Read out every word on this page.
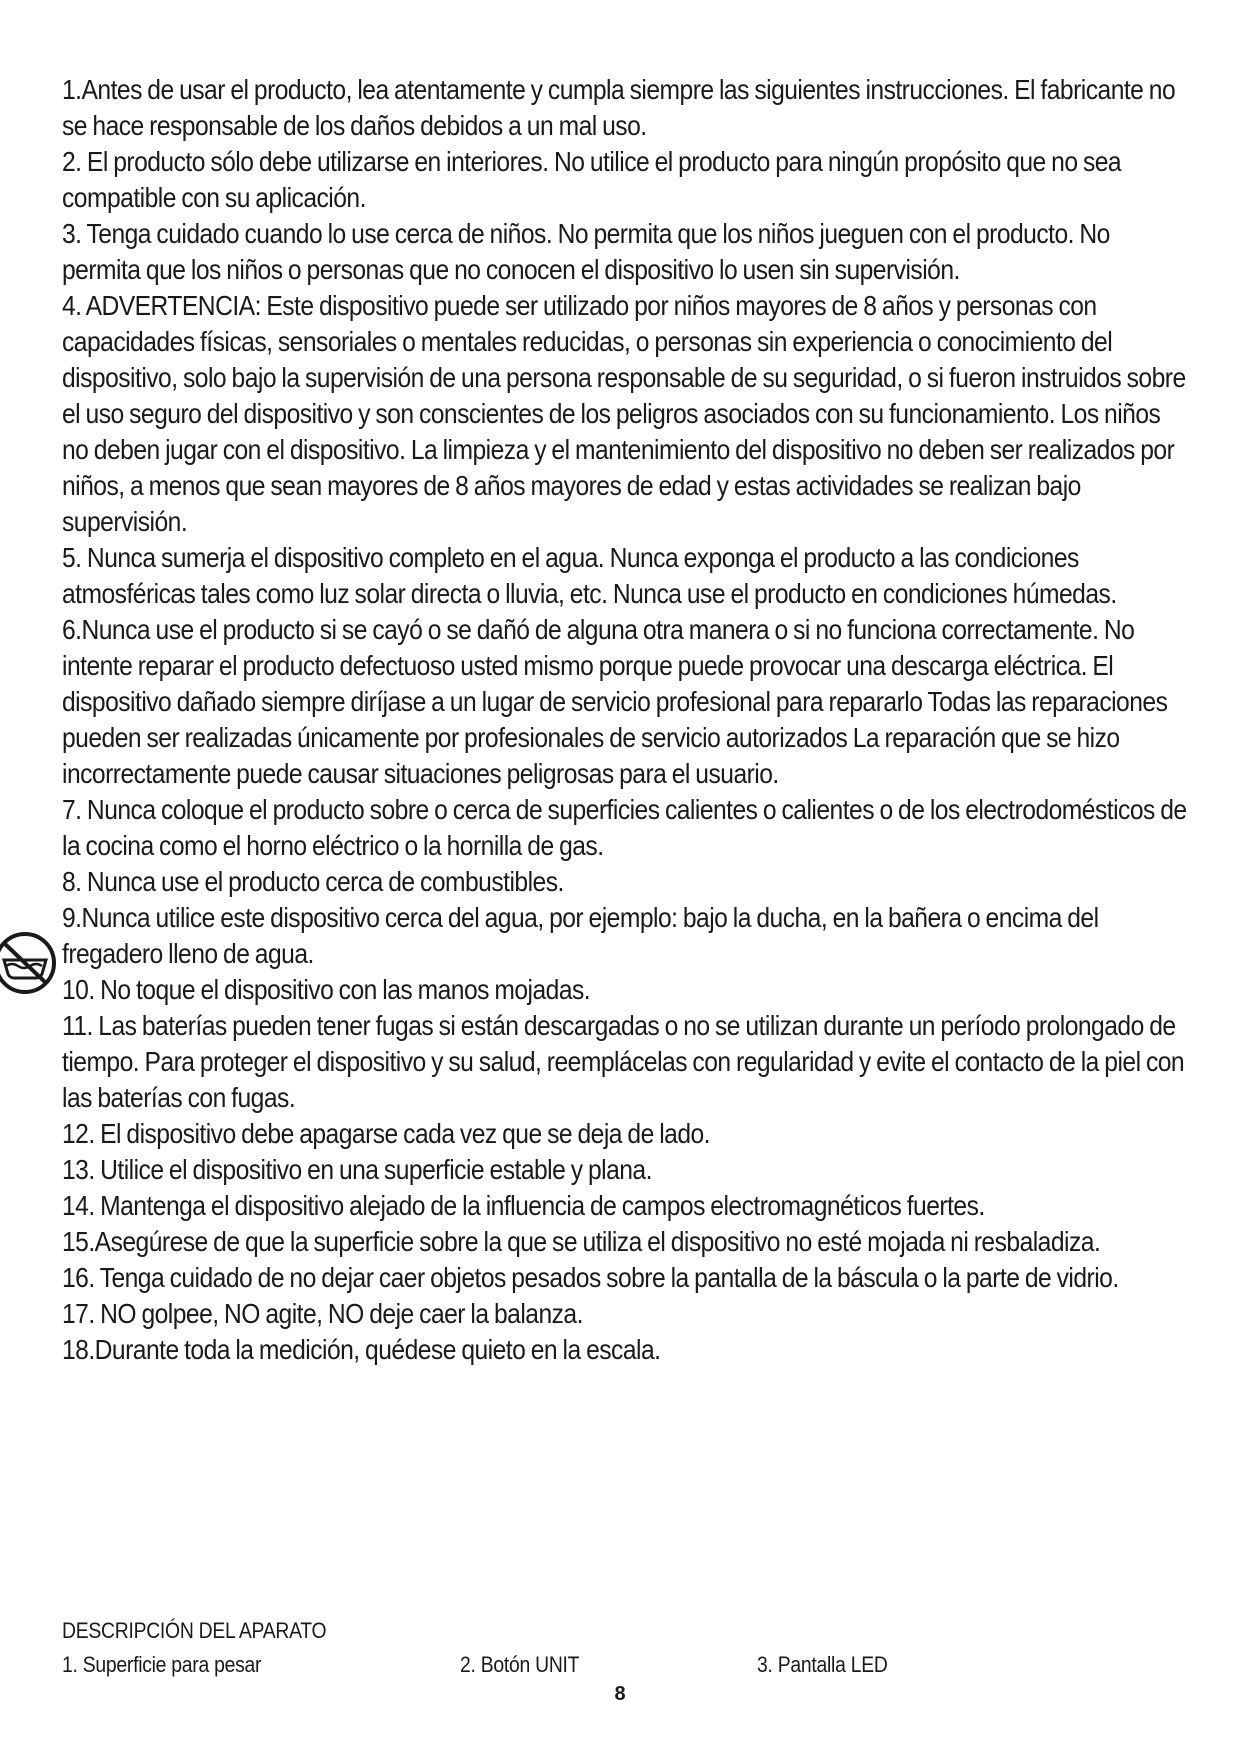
1.Antes de usar el producto, lea atentamente y cumpla siempre las siguientes instrucciones. El fabricante no se hace responsable de los daños debidos a un mal uso.
2. El producto sólo debe utilizarse en interiores. No utilice el producto para ningún propósito que no sea compatible con su aplicación.
3. Tenga cuidado cuando lo use cerca de niños. No permita que los niños jueguen con el producto. No permita que los niños o personas que no conocen el dispositivo lo usen sin supervisión.
4. ADVERTENCIA: Este dispositivo puede ser utilizado por niños mayores de 8 años y personas con capacidades físicas, sensoriales o mentales reducidas, o personas sin experiencia o conocimiento del dispositivo, solo bajo la supervisión de una persona responsable de su seguridad, o si fueron instruidos sobre el uso seguro del dispositivo y son conscientes de los peligros asociados con su funcionamiento. Los niños no deben jugar con el dispositivo. La limpieza y el mantenimiento del dispositivo no deben ser realizados por niños, a menos que sean mayores de 8 años mayores de edad y estas actividades se realizan bajo supervisión.
5. Nunca sumerja el dispositivo completo en el agua. Nunca exponga el producto a las condiciones atmosféricas tales como luz solar directa o lluvia, etc. Nunca use el producto en condiciones húmedas.
6.Nunca use el producto si se cayó o se dañó de alguna otra manera o si no funciona correctamente. No intente reparar el producto defectuoso usted mismo porque puede provocar una descarga eléctrica. El dispositivo dañado siempre diríjase a un lugar de servicio profesional para repararlo Todas las reparaciones pueden ser realizadas únicamente por profesionales de servicio autorizados La reparación que se hizo incorrectamente puede causar situaciones peligrosas para el usuario.
7. Nunca coloque el producto sobre o cerca de superficies calientes o calientes o de los electrodomésticos de la cocina como el horno eléctrico o la hornilla de gas.
8. Nunca use el producto cerca de combustibles.
9.Nunca utilice este dispositivo cerca del agua, por ejemplo: bajo la ducha, en la bañera o encima del fregadero lleno de agua.
10. No toque el dispositivo con las manos mojadas.
11. Las baterías pueden tener fugas si están descargadas o no se utilizan durante un período prolongado de tiempo. Para proteger el dispositivo y su salud, reemplácelas con regularidad y evite el contacto de la piel con las baterías con fugas.
12. El dispositivo debe apagarse cada vez que se deja de lado.
13. Utilice el dispositivo en una superficie estable y plana.
14. Mantenga el dispositivo alejado de la influencia de campos electromagnéticos fuertes.
15.Asegúrese de que la superficie sobre la que se utiliza el dispositivo no esté mojada ni resbaladiza.
16. Tenga cuidado de no dejar caer objetos pesados sobre la pantalla de la báscula o la parte de vidrio.
17. NO golpee, NO agite, NO deje caer la balanza.
18.Durante toda la medición, quédese quieto en la escala.
DESCRIPCIÓN DEL APARATO
1. Superficie para pesar	2. Botón UNIT	3. Pantalla LED
8
